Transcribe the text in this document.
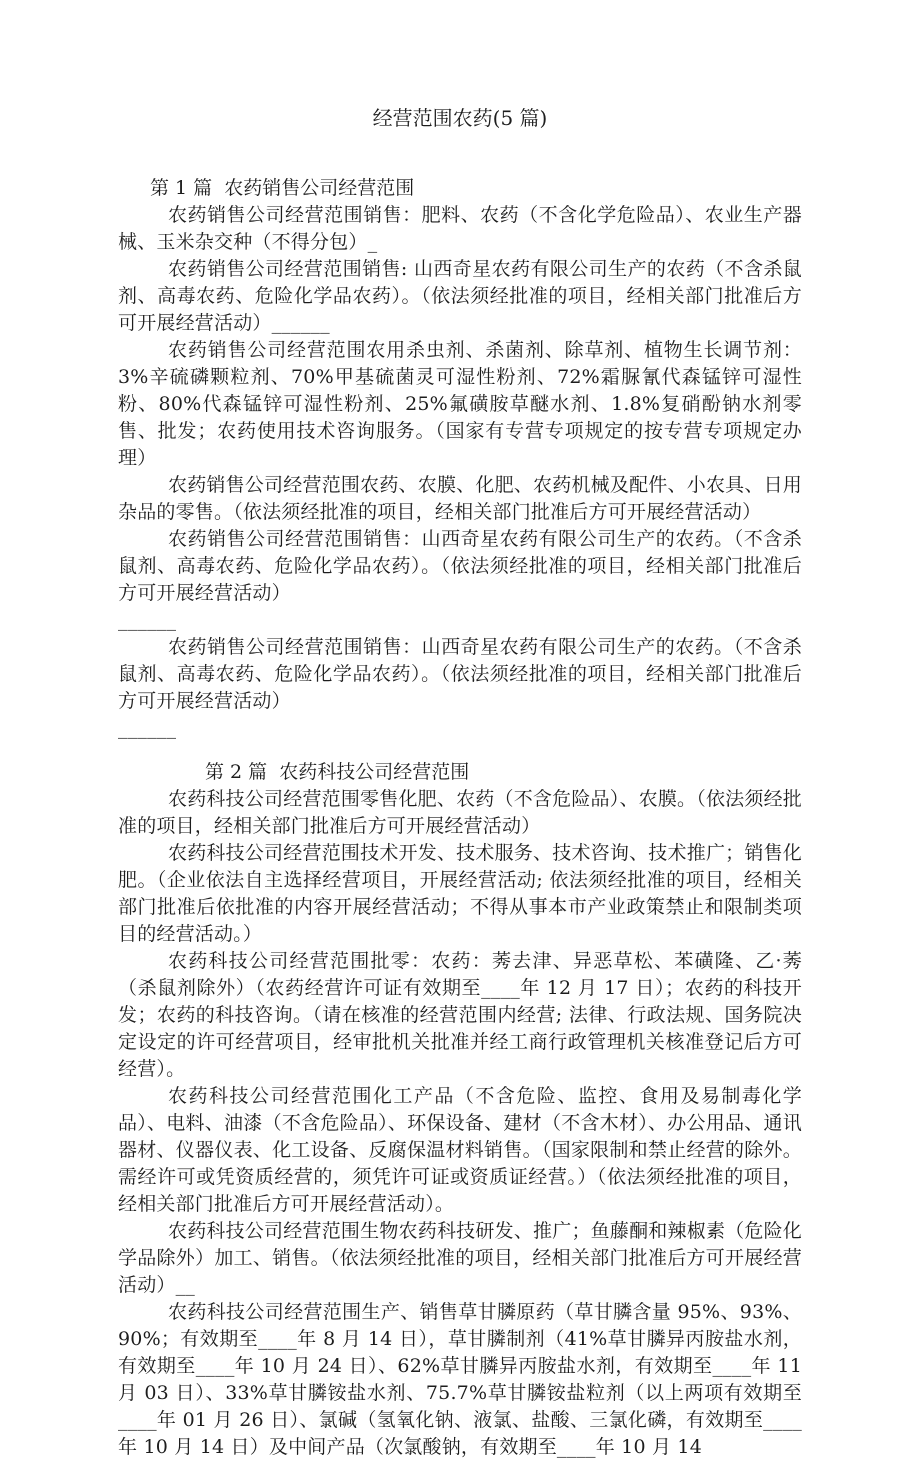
经营范围农药(5 篇)

第 1 篇  农药销售公司经营范围

农药销售公司经营范围销售：肥料、农药（不含化学危险品）、农业生产器械、玉米杂交种（不得分包）_

农药销售公司经营范围销售: 山西奇星农药有限公司生产的农药（不含杀鼠剂、高毒农药、危险化学品农药）。（依法须经批准的项目，经相关部门批准后方可开展经营活动）______

农药销售公司经营范围农用杀虫剂、杀菌剂、除草剂、植物生长调节剂：3%辛硫磷颗粒剂、70%甲基硫菌灵可湿性粉剂、72%霜脲氰代森锰锌可湿性粉、80%代森锰锌可湿性粉剂、25%氟磺胺草醚水剂、1.8%复硝酚钠水剂零售、批发；农药使用技术咨询服务。（国家有专营专项规定的按专营专项规定办理）

农药销售公司经营范围农药、农膜、化肥、农药机械及配件、小农具、日用杂品的零售。（依法须经批准的项目，经相关部门批准后方可开展经营活动）

农药销售公司经营范围销售：山西奇星农药有限公司生产的农药。（不含杀鼠剂、高毒农药、危险化学品农药）。（依法须经批准的项目，经相关部门批准后方可开展经营活动）

______

农药销售公司经营范围销售：山西奇星农药有限公司生产的农药。（不含杀鼠剂、高毒农药、危险化学品农药）。（依法须经批准的项目，经相关部门批准后方可开展经营活动）

______

第 2 篇  农药科技公司经营范围

农药科技公司经营范围零售化肥、农药（不含危险品）、农膜。（依法须经批准的项目，经相关部门批准后方可开展经营活动）

农药科技公司经营范围技术开发、技术服务、技术咨询、技术推广；销售化肥。（企业依法自主选择经营项目，开展经营活动; 依法须经批准的项目，经相关部门批准后依批准的内容开展经营活动；不得从事本市产业政策禁止和限制类项目的经营活动。）

农药科技公司经营范围批零：农药：莠去津、异恶草松、苯磺隆、乙·莠（杀鼠剂除外）（农药经营许可证有效期至____年 12 月 17 日）；农药的科技开发；农药的科技咨询。（请在核准的经营范围内经营; 法律、行政法规、国务院决定设定的许可经营项目，经审批机关批准并经工商行政管理机关核准登记后方可经营）。

农药科技公司经营范围化工产品（不含危险、监控、食用及易制毒化学品）、电料、油漆（不含危险品）、环保设备、建材（不含木材）、办公用品、通讯器材、仪器仪表、化工设备、反腐保温材料销售。（国家限制和禁止经营的除外。需经许可或凭资质经营的，须凭许可证或资质证经营。）（依法须经批准的项目，经相关部门批准后方可开展经营活动）。

农药科技公司经营范围生物农药科技研发、推广；鱼藤酮和辣椒素（危险化学品除外）加工、销售。（依法须经批准的项目，经相关部门批准后方可开展经营活动）__

农药科技公司经营范围生产、销售草甘膦原药（草甘膦含量 95%、93%、90%；有效期至____年 8 月 14 日），草甘膦制剂（41%草甘膦异丙胺盐水剂，有效期至____年 10 月 24 日）、62%草甘膦异丙胺盐水剂，有效期至____年 11 月 03 日）、33%草甘膦铵盐水剂、75.7%草甘膦铵盐粒剂（以上两项有效期至____年 01 月 26 日）、氯碱（氢氧化钠、液氯、盐酸、三氯化磷，有效期至____年 10 月 14 日）及中间产品（次氯酸钠，有效期至____年 10 月 14
